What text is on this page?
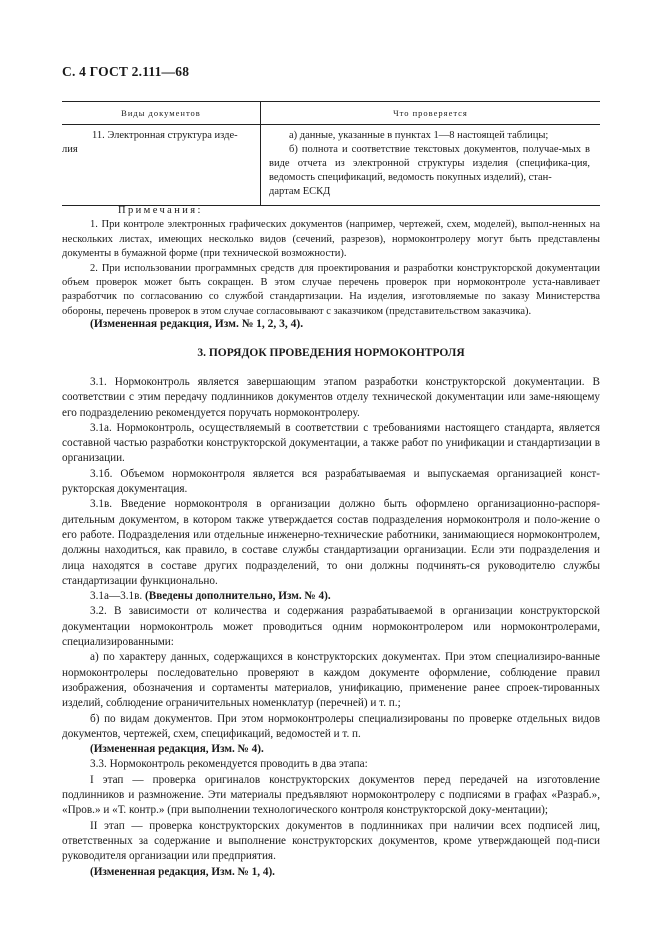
С. 4 ГОСТ 2.111—68
Виды документов	Что проверяется
11. Электронная структура изде-
лия

а) данные, указанные в пунктах 1—8 настоящей таблицы;

б) полнота и соответствие текстовых документов, получае-мых в виде отчета из электронной структуры изделия (специфика-ция, ведомость спецификаций, ведомость покупных изделий), стан-

дартам ЕСКД

Примечания:

1. При контроле электронных графических документов (например, чертежей, схем, моделей), выпол-ненных на нескольких листах, имеющих несколько видов (сечений, разрезов), нормоконтролеру могут быть представлены документы в бумажной форме (при технической возможности).

2. При использовании программных средств для проектирования и разработки конструкторской документации объем проверок может быть сокращен. В этом случае перечень проверок при нормоконтроле уста-навливает разработчик по согласованию со службой стандартизации. На изделия, изготовляемые по заказу Министерства обороны, перечень проверок в этом случае согласовывают с заказчиком (представительством заказчика).

(Измененная редакция, Изм. № 1, 2, 3, 4).
3. ПОРЯДОК ПРОВЕДЕНИЯ НОРМОКОНТРОЛЯ

3.1. Нормоконтроль является завершающим этапом разработки конструкторской документации. В соответствии с этим передачу подлинников документов отделу технической документации или заме-няющему его подразделению рекомендуется поручать нормоконтролеру.

3.1а. Нормоконтроль, осуществляемый в соответствии с требованиями настоящего стандарта, является составной частью разработки конструкторской документации, а также работ по унификации и стандартизации в организации.

3.1б. Объемом нормоконтроля является вся разрабатываемая и выпускаемая организацией конст-рукторская документация.

3.1в. Введение нормоконтроля в организации должно быть оформлено организационно-распоря-дительным документом, в котором также утверждается состав подразделения нормоконтроля и поло-жение о его работе. Подразделения или отдельные инженерно-технические работники, занимающиеся нормоконтролем, должны находиться, как правило, в составе службы стандартизации организации. Если эти подразделения и лица находятся в составе других подразделений, то они должны подчинять-ся руководителю службы стандартизации функционально.

3.1а—3.1в. (Введены дополнительно, Изм. № 4).

3.2. В зависимости от количества и содержания разрабатываемой в организации конструкторской документации нормоконтроль может проводиться одним нормоконтролером или нормоконтролерами, специализированными:

а) по характеру данных, содержащихся в конструкторских документах. При этом специализиро-ванные нормоконтролеры последовательно проверяют в каждом документе оформление, соблюдение правил изображения, обозначения и сортаменты материалов, унификацию, применение ранее спроек-тированных изделий, соблюдение ограничительных номенклатур (перечней) и т. п.;

б) по видам документов. При этом нормоконтролеры специализированы по проверке отдельных видов документов, чертежей, схем, спецификаций, ведомостей и т. п.

(Измененная редакция, Изм. № 4).

3.3. Нормоконтроль рекомендуется проводить в два этапа:

I этап — проверка оригиналов конструкторских документов перед передачей на изготовление подлинников и размножение. Эти материалы предъявляют нормоконтролеру с подписями в графах «Разраб.», «Пров.» и «Т. контр.» (при выполнении технологического контроля конструкторской доку-ментации);

II этап — проверка конструкторских документов в подлинниках при наличии всех подписей лиц, ответственных за содержание и выполнение конструкторских документов, кроме утверждающей под-писи руководителя организации или предприятия.

(Измененная редакция, Изм. № 1, 4).
